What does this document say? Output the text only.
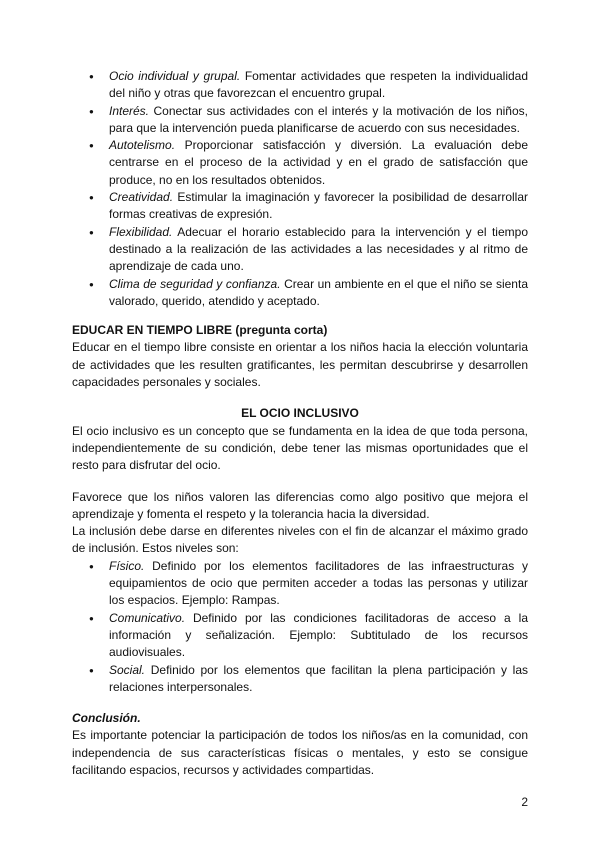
● Ocio individual y grupal. Fomentar actividades que respeten la individualidad del niño y otras que favorezcan el encuentro grupal.
● Interés. Conectar sus actividades con el interés y la motivación de los niños, para que la intervención pueda planificarse de acuerdo con sus necesidades.
● Autotelismo. Proporcionar satisfacción y diversión. La evaluación debe centrarse en el proceso de la actividad y en el grado de satisfacción que produce, no en los resultados obtenidos.
● Creatividad. Estimular la imaginación y favorecer la posibilidad de desarrollar formas creativas de expresión.
● Flexibilidad. Adecuar el horario establecido para la intervención y el tiempo destinado a la realización de las actividades a las necesidades y al ritmo de aprendizaje de cada uno.
● Clima de seguridad y confianza. Crear un ambiente en el que el niño se sienta valorado, querido, atendido y aceptado.

EDUCAR EN TIEMPO LIBRE (pregunta corta)

Educar en el tiempo libre consiste en orientar a los niños hacia la elección voluntaria de actividades que les resulten gratificantes, les permitan descubrirse y desarrollen capacidades personales y sociales.

EL OCIO INCLUSIVO

El ocio inclusivo es un concepto que se fundamenta en la idea de que toda persona, independientemente de su condición, debe tener las mismas oportunidades que el resto para disfrutar del ocio.

Favorece que los niños valoren las diferencias como algo positivo que mejora el aprendizaje y fomenta el respeto y la tolerancia hacia la diversidad.

La inclusión debe darse en diferentes niveles con el fin de alcanzar el máximo grado de inclusión. Estos niveles son:

● Físico. Definido por los elementos facilitadores de las infraestructuras y equipamientos de ocio que permiten acceder a todas las personas y utilizar los espacios. Ejemplo: Rampas.
● Comunicativo. Definido por las condiciones facilitadoras de acceso a la información y señalización. Ejemplo: Subtitulado de los recursos audiovisuales.
● Social. Definido por los elementos que facilitan la plena participación y las relaciones interpersonales.

Conclusión.

Es importante potenciar la participación de todos los niños/as en la comunidad, con independencia de sus características físicas o mentales, y esto se consigue facilitando espacios, recursos y actividades compartidas.

2
